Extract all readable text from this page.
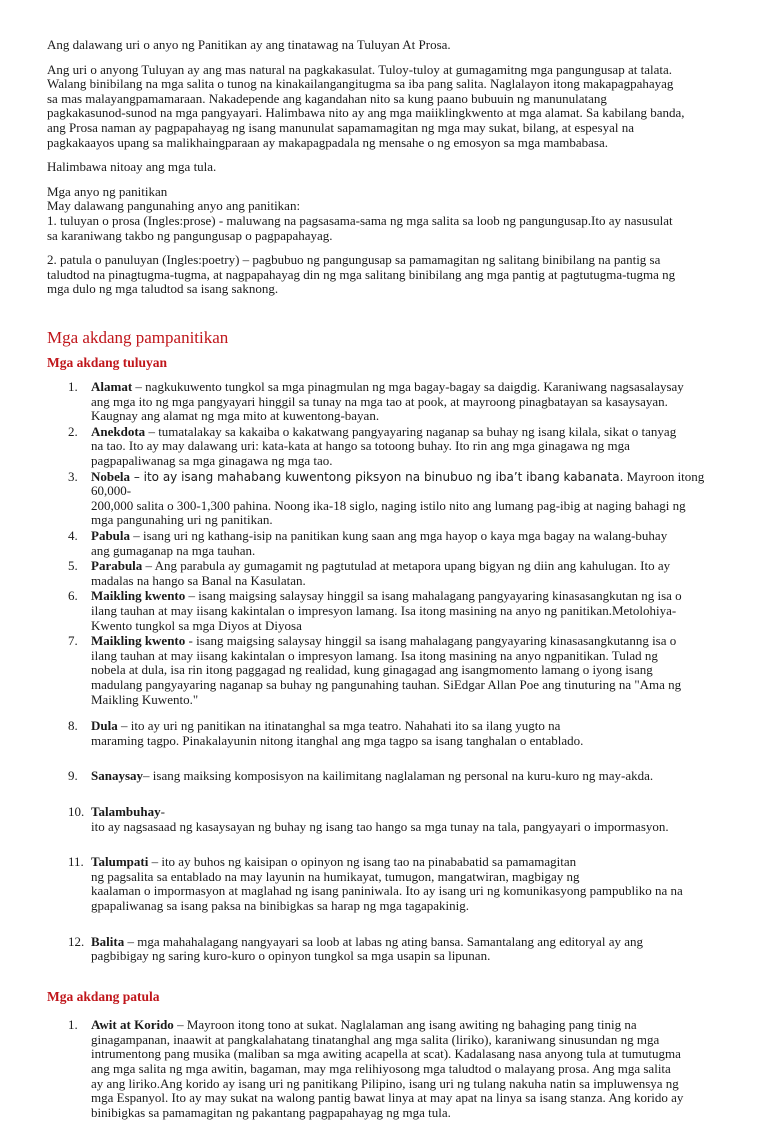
Ang dalawang uri o anyo ng Panitikan ay ang tinatawag na Tuluyan At Prosa.

Ang uri o anyong Tuluyan ay ang mas natural na pagkakasulat. Tuloy-tuloy at gumagamitng mga pangungusap at talata.
Walang binibilang na mga salita o tunog na kinakailangangitugma sa iba pang salita. Naglalayon itong makapagpahayag
sa mas malayangpamamaraan. Nakadepende ang kagandahan nito sa kung paano bubuuin ng manunulatang
pagkakasunod-sunod na mga pangyayari. Halimbawa nito ay ang mga maiiklingkwento at mga alamat. Sa kabilang banda,
ang Prosa naman ay pagpapahayag ng isang manunulat sapamamagitan ng mga may sukat, bilang, at espesyal na
pagkakaayos upang sa malikhaingparaan ay makapagpadala ng mensahe o ng emosyon sa mga mambabasa.

Halimbawa nitoay ang mga tula.

Mga anyo ng panitikan
May dalawang pangunahing anyo ang panitikan:
1. tuluyan o prosa (Ingles:prose) - maluwang na pagsasama-sama ng mga salita sa loob ng pangungusap.Ito ay nasusulat
sa karaniwang takbo ng pangungusap o pagpapahayag.

2. patula o panuluyan (Ingles:poetry) – pagbubuo ng pangungusap sa pamamagitan ng salitang binibilang na pantig sa
taludtod na pinagtugma-tugma, at nagpapahayag din ng mga salitang binibilang ang mga pantig at pagtutugma-tugma ng
mga dulo ng mga taludtod sa isang saknong.

Mga akdang pampanitikan
Mga akdang tuluyan
1. Alamat – nagkukuwento tungkol sa mga pinagmulan ng mga bagay-bagay sa daigdig. Karaniwang nagsasalaysay
ang mga ito ng mga pangyayari hinggil sa tunay na mga tao at pook, at mayroong pinagbatayan sa kasaysayan.
Kaugnay ang alamat ng mga mito at kuwentong-bayan.
2. Anekdota – tumatalakay sa kakaiba o kakatwang pangyayaring naganap sa buhay ng isang kilala, sikat o tanyag
na tao. Ito ay may dalawang uri: kata-kata at hango sa totoong buhay. Ito rin ang mga ginagawa ng mga
pagpapaliwanag sa mga ginagawa ng mga tao.
3. Nobela – ito ay isang mahabang kuwentong piksyon na binubuo ng iba’t ibang kabanata. Mayroon itong 60,000-
200,000 salita o 300-1,300 pahina. Noong ika-18 siglo, naging istilo nito ang lumang pag-ibig at naging bahagi ng
mga pangunahing uri ng panitikan.
4. Pabula – isang uri ng kathang-isip na panitikan kung saan ang mga hayop o kaya mga bagay na walang-buhay
ang gumaganap na mga tauhan.
5. Parabula – Ang parabula ay gumagamit ng pagtutulad at metapora upang bigyan ng diin ang kahulugan. Ito ay
madalas na hango sa Banal na Kasulatan.
6. Maikling kwento – isang maigsing salaysay hinggil sa isang mahalagang pangyayaring kinasasangkutan ng isa o
ilang tauhan at may iisang kakintalan o impresyon lamang. Isa itong masining na anyo ng panitikan.Metolohiya-
Kwento tungkol sa mga Diyos at Diyosa
7. Maikling kwento - isang maigsing salaysay hinggil sa isang mahalagang pangyayaring kinasasangkutanng isa o
ilang tauhan at may iisang kakintalan o impresyon lamang. Isa itong masining na anyo ngpanitikan. Tulad ng
nobela at dula, isa rin itong paggagad ng realidad, kung ginagagad ang isangmomento lamang o iyong isang
madulang pangyayaring naganap sa buhay ng pangunahing tauhan. SiEdgar Allan Poe ang tinuturing na "Ama ng
Maikling Kuwento."
8. Dula – ito ay uri ng panitikan na itinatanghal sa mga teatro. Nahahati ito sa ilang yugto na
maraming tagpo. Pinakalayunin nitong itanghal ang mga tagpo sa isang tanghalan o entablado.
9. Sanaysay– isang maiksing komposisyon na kailimitang naglalaman ng personal na kuru-kuro ng may-akda.
10. Talambuhay-
ito ay nagsasaad ng kasaysayan ng buhay ng isang tao hango sa mga tunay na tala, pangyayari o impormasyon.
11. Talumpati – ito ay buhos ng kaisipan o opinyon ng isang tao na pinababatid sa pamamagitan
ng pagsalita sa entablado na may layunin na humikayat, tumugon, mangatwiran, magbigay ng
kaalaman o impormasyon at maglahad ng isang paniniwala. Ito ay isang uri ng komunikasyong pampubliko na na
gpapaliwanag sa isang paksa na binibigkas sa harap ng mga tagapakinig.
12. Balita – mga mahahalagang nangyayari sa loob at labas ng ating bansa. Samantalang ang editoryal ay ang
pagbibigay ng saring kuro-kuro o opinyon tungkol sa mga usapin sa lipunan.
Mga akdang patula
1. Awit at Korido – Mayroon itong tono at sukat. Naglalaman ang isang awiting ng bahaging pang tinig na
ginagampanan, inaawit at pangkalahatang tinatanghal ang mga salita (liriko), karaniwang sinusundan ng mga
intrumentong pang musika (maliban sa mga awiting acapella at scat). Kadalasang nasa anyong tula at tumutugma
ang mga salita ng mga awitin, bagaman, may mga relihiyosong mga taludtod o malayang prosa. Ang mga salita
ay ang liriko.Ang korido ay isang uri ng panitikang Pilipino, isang uri ng tulang nakuha natin sa impluwensya ng
mga Espanyol. Ito ay may sukat na walong pantig bawat linya at may apat na linya sa isang stanza. Ang korido ay
binibigkas sa pamamagitan ng pakantang pagpapahayag ng mga tula.
